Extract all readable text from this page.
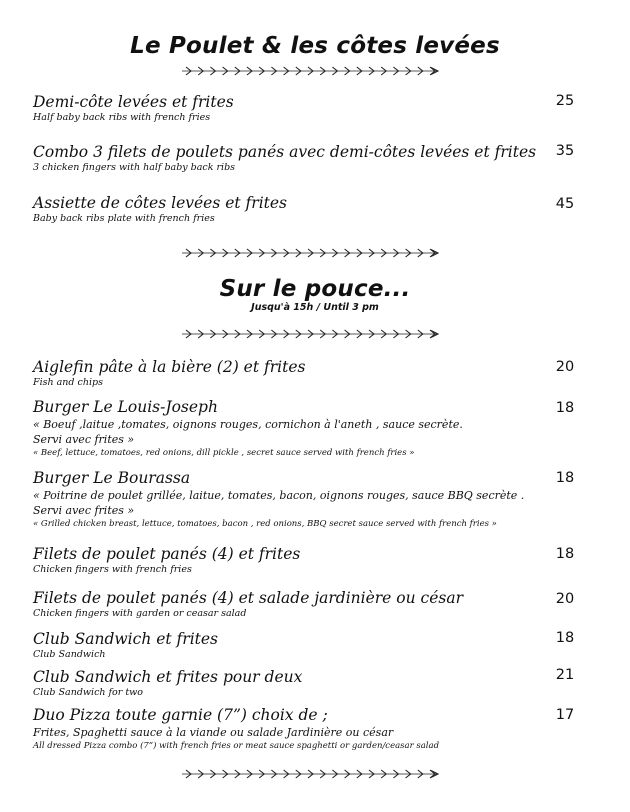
Le Poulet & les côtes levées
Demi-côte levées et frites
Half baby back ribs with french fries
25
Combo 3 filets de poulets panés avec demi-côtes levées et frites
3 chicken fingers with half baby back ribs
35
Assiette de côtes levées et frites
Baby back ribs plate with french fries
45
Sur le pouce...
Jusqu'à 15h / Until 3 pm
Aiglefin pâte à la bière (2) et frites
Fish and chips
20
Burger Le Louis-Joseph
« Boeuf ,laitue ,tomates, oignons rouges, cornichon à l'aneth , sauce secrète.
Servi avec frites »
« Beef, lettuce, tomatoes, red onions, dill pickle , secret sauce served with french fries »
18
Burger Le Bourassa
« Poitrine de poulet grillée, laitue, tomates, bacon, oignons rouges, sauce BBQ secrète .
Servi avec frites »
« Grilled chicken breast, lettuce, tomatoes, bacon , red onions, BBQ secret sauce served with french fries »
18
Filets de poulet panés (4) et frites
Chicken fingers with french fries
18
Filets de poulet panés (4) et salade jardinière ou césar
Chicken fingers with garden or ceasar salad
20
Club Sandwich et frites
Club Sandwich
18
Club Sandwich et frites pour deux
Club Sandwich for two
21
Duo Pizza toute garnie (7”) choix de ;
Frites, Spaghetti sauce à la viande ou salade Jardinière ou césar
All dressed Pizza combo (7”) with french fries or meat sauce spaghetti or garden/ceasar salad
17
